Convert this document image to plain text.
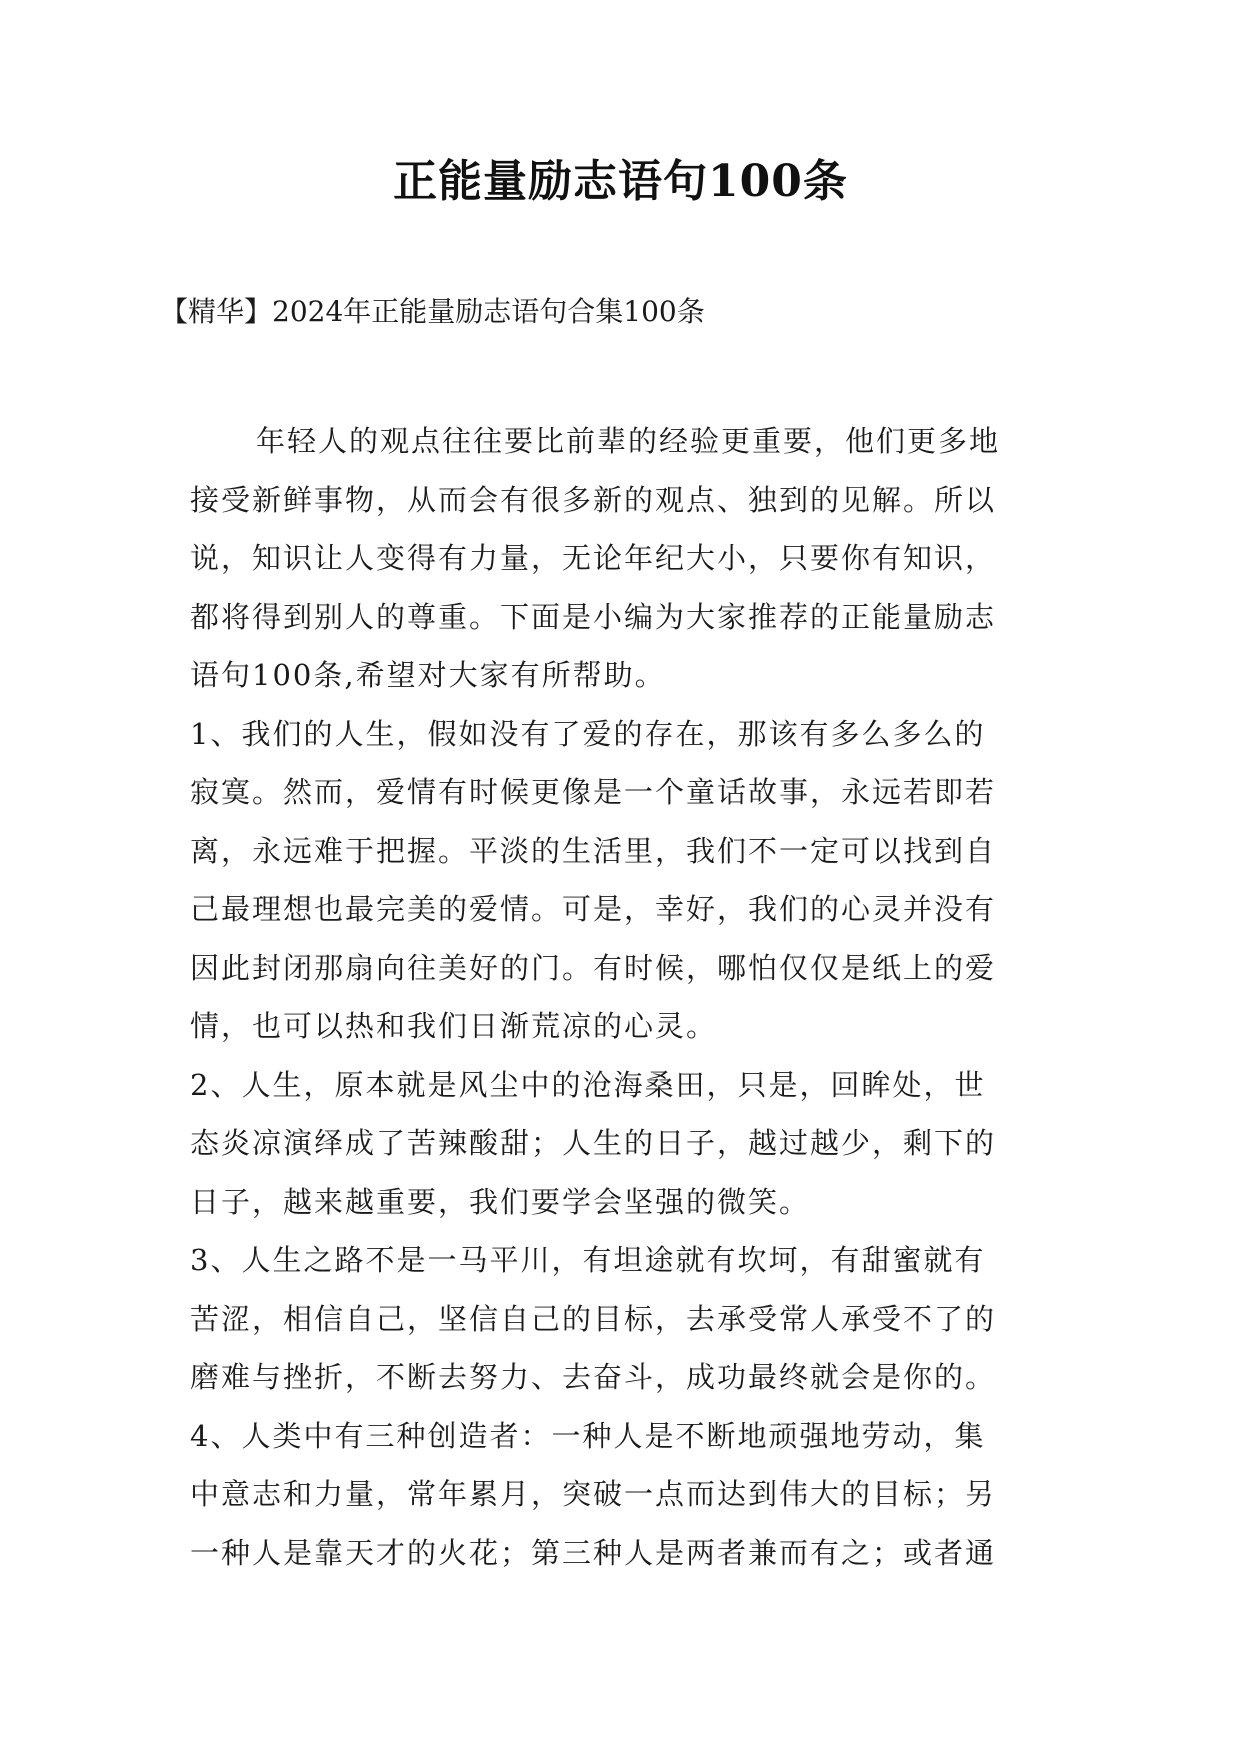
正能量励志语句100条

【精华】2024年正能量励志语句合集100条

年轻人的观点往往要比前辈的经验更重要，他们更多地
接受新鲜事物，从而会有很多新的观点、独到的见解。所以
说，知识让人变得有力量，无论年纪大小，只要你有知识，
都将得到别人的尊重。下面是小编为大家推荐的正能量励志
语句100条,希望对大家有所帮助。
1、我们的人生，假如没有了爱的存在，那该有多么多么的
寂寞。然而，爱情有时候更像是一个童话故事，永远若即若
离，永远难于把握。平淡的生活里，我们不一定可以找到自
己最理想也最完美的爱情。可是，幸好，我们的心灵并没有
因此封闭那扇向往美好的门。有时候，哪怕仅仅是纸上的爱
情，也可以热和我们日渐荒凉的心灵。
2、人生，原本就是风尘中的沧海桑田，只是，回眸处，世
态炎凉演绎成了苦辣酸甜；人生的日子，越过越少，剩下的
日子，越来越重要，我们要学会坚强的微笑。
3、人生之路不是一马平川，有坦途就有坎坷，有甜蜜就有
苦涩，相信自己，坚信自己的目标，去承受常人承受不了的
磨难与挫折，不断去努力、去奋斗，成功最终就会是你的。
4、人类中有三种创造者：一种人是不断地顽强地劳动，集
中意志和力量，常年累月，突破一点而达到伟大的目标；另
一种人是靠天才的火花；第三种人是两者兼而有之；或者通
